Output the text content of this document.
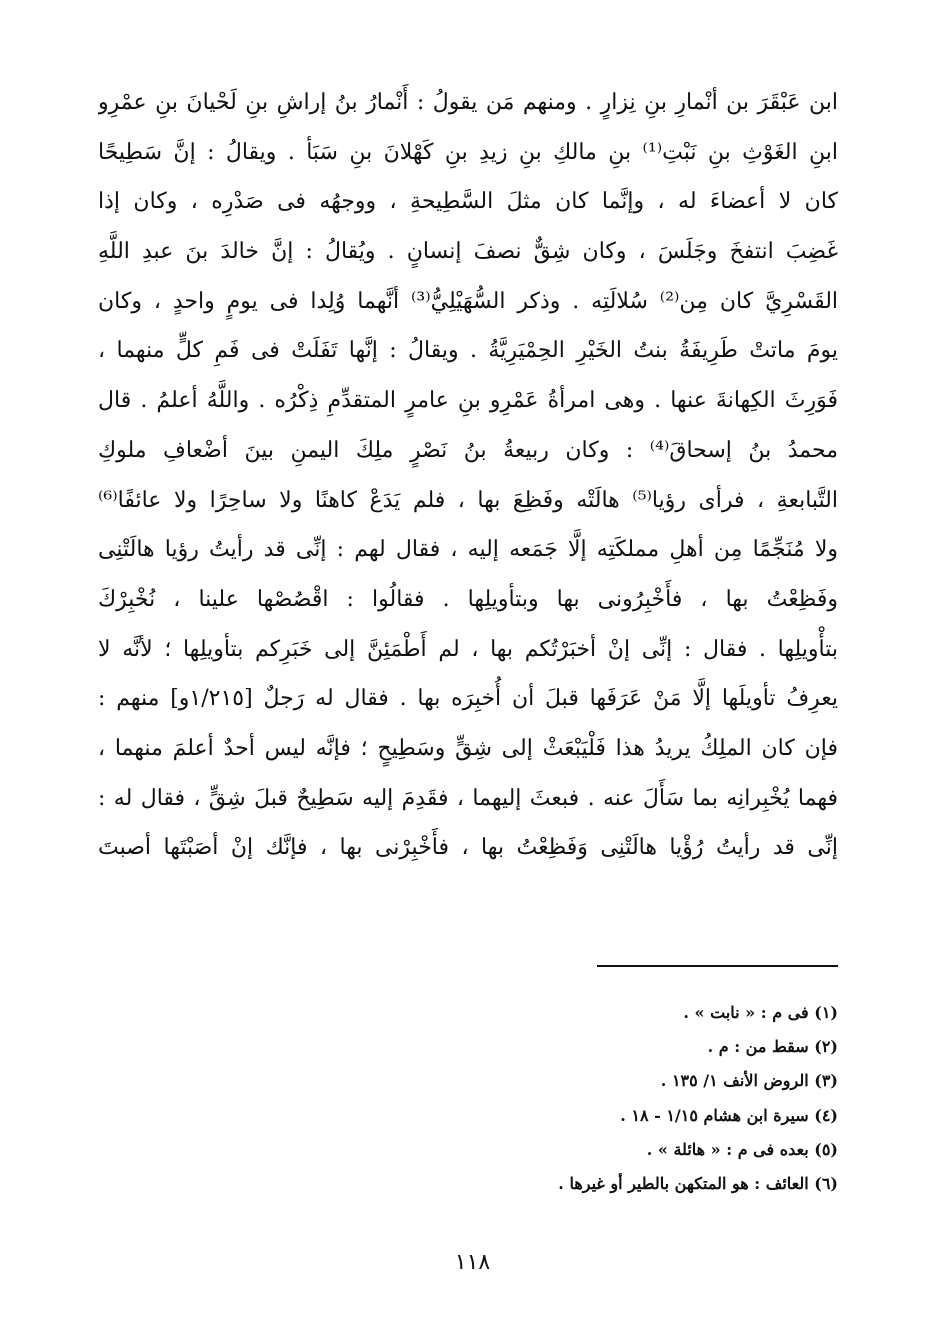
ابن عَبْقَرَ بن أنْمارِ بنِ نِزارٍ . ومنهم مَن يقولُ : أَنْمارُ بنُ إراشِ بنِ لَحْيانَ بنِ عمْرِو
ابنِ الغَوْثِ بنِ نَبْتِ⁽¹⁾ بنِ مالكِ بنِ زيدِ بنِ كَهْلانَ بنِ سَبَأ . ويقالُ : إنَّ سَطِيحًا
كان لا أعضاءَ له ، وإنَّما كان مثلَ السَّطِيحةِ ، ووجهُه فى صَدْرِه ، وكان إذا
غَضِبَ انتفخَ وجَلَسَ ، وكان شِقٌّ نصفَ إنسانٍ . ويُقالُ : إنَّ خالدَ بنَ عبدِ اللَّهِ
القَسْرِيَّ كان مِن⁽²⁾ سُلالَتِه . وذكر السُّهَيْلِيُّ⁽³⁾ أنَّهما وُلِدا فى يومٍ واحدٍ ، وكان
يومَ ماتتْ طَرِيفَةُ بنتُ الخَيْرِ الحِمْيَرِيَّةُ . ويقالُ : إنَّها تَفَلَتْ فى فَمِ كلٍّ منهما ،
فَوَرِثَ الكِهانةَ عنها . وهى امرأةُ عَمْرِو بنِ عامرٍ المتقدِّمِ ذِكْرُه . واللَّهُ أعلمُ . قال
محمدُ بنُ إسحاقَ⁽⁴⁾ : وكان ربيعةُ بنُ نَصْرٍ ملِكَ اليمنِ بينَ أضْعافِ ملوكِ
التَّبابعةِ ، فرأى رؤيا⁽⁵⁾ هالَتْه وفَظِعَ بها ، فلم يَدَعْ كاهنًا ولا ساحِرًا ولا عائفًا⁽⁶⁾
ولا مُنَجِّمًا مِن أهلِ مملكَتِه إلَّا جَمَعه إليه ، فقال لهم : إنِّى قد رأيتُ رؤيا هالَتْنِى
وفَظِعْتُ بها ، فأَخْبِرُونى بها وبتأويلِها . فقالُوا : اقْصُصْها علينا ، نُخْبِرْكَ
بتأْويلِها . فقال : إنِّى إنْ أخبَرْتُكم بها ، لم أَطْمَئِنَّ إلى خَبَرِكم بتأويلِها ؛ لأنَّه لا
يعرِفُ تأويلَها إلَّا مَنْ عَرَفَها قبلَ أن أُخبِرَه بها . فقال له رَجلٌ [١/٢١٥و] منهم :
فإن كان الملِكُ يريدُ هذا فَلْيَبْعَثْ إلى شِقٍّ وسَطِيحٍ ؛ فإنَّه ليس أحدٌ أعلمَ منهما ،
فهما يُخْبِرانِه بما سَأَلَ عنه . فبعثَ إليهما ، فقَدِمَ إليه سَطِيحٌ قبلَ شِقٍّ ، فقال له :
إنِّى قد رأيتُ رُؤْيا هالَتْنِى وَفَظِعْتُ بها ، فأَخْبِرْنى بها ، فإنَّك إنْ أصَبْتَها أصبتَ
(١) فى م : « نابت » .
(٢) سقط من : م .
(٣) الروض الأنف ١/ ١٣٥ .
(٤) سيرة ابن هشام ١/١٥ - ١٨ .
(٥) بعده فى م : « هائلة » .
(٦) العائف : هو المتكهن بالطير أو غيرها .
١١٨
